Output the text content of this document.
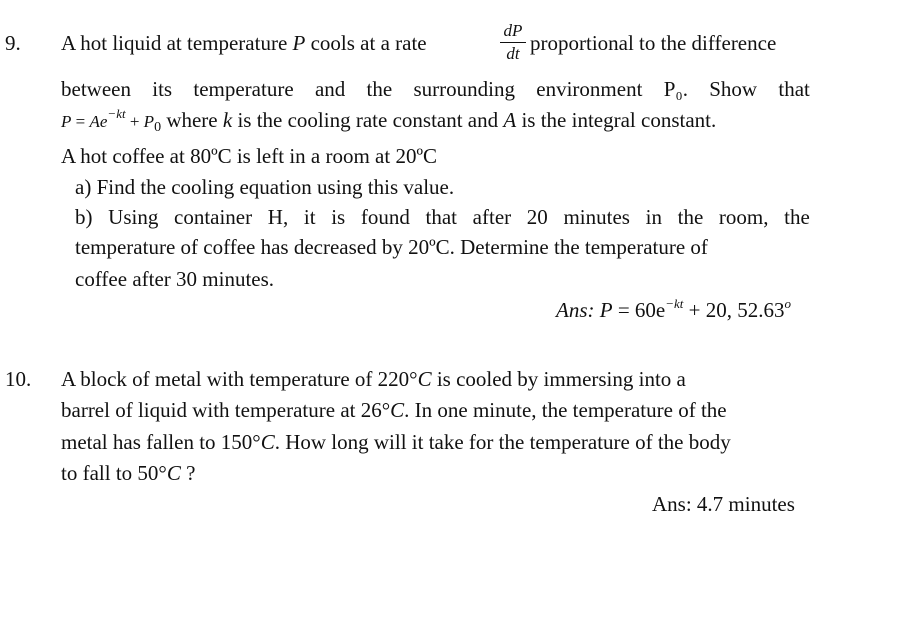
9. A hot liquid at temperature P cools at a rate
dP
dt proportional to the difference
between its temperature and the surrounding environment P₀. Show that
$P = Ae^{-kt} + P_0$ where k is the cooling rate constant and A is the integral constant.
A hot coffee at 80ºC is left in a room at 20ºC
a) Find the cooling equation using this value.
b) Using container H, it is found that after 20 minutes in the room, the
temperature of coffee has decreased by 20ºC. Determine the temperature of
coffee after 30 minutes.
Ans: $P = 60e^{-kt} + 20$, 52.63$^o$
10. A block of metal with temperature of 220°C is cooled by immersing into a
barrel of liquid with temperature at 26°C. In one minute, the temperature of the
metal has fallen to 150°C. How long will it take for the temperature of the body
to fall to 50°C ?
Ans: 4.7 minutes
